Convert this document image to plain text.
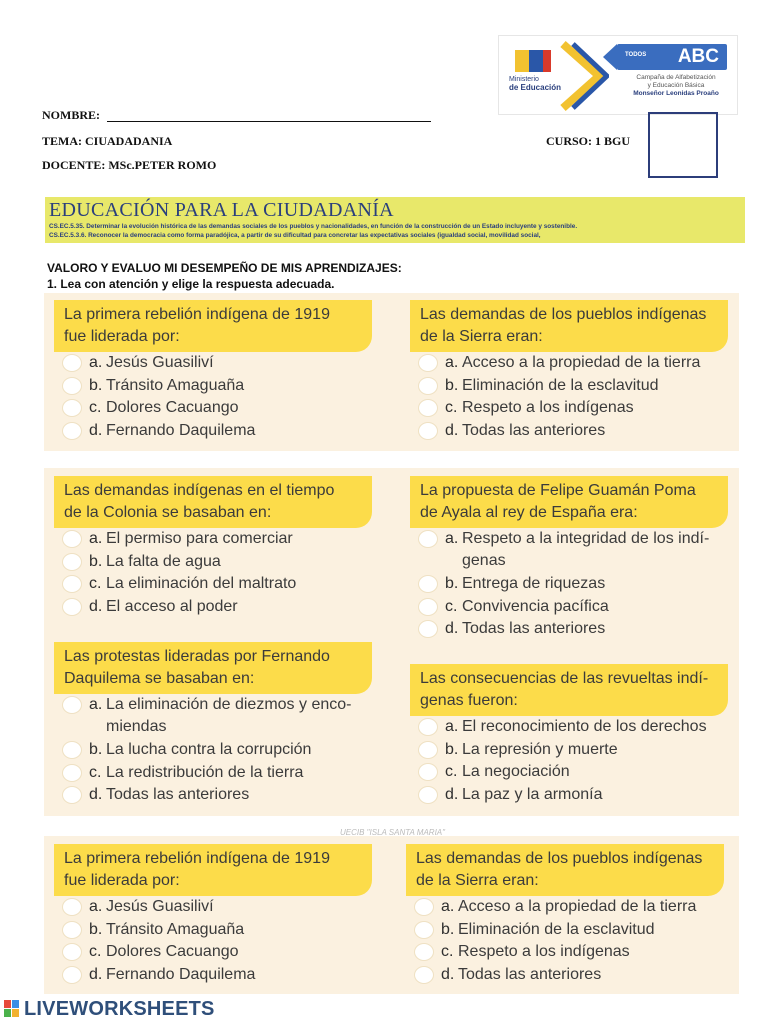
Ministerio
de Educación
TODOS ABC
Campaña de Alfabetización
y Educación Básica
Monseñor Leonidas Proaño
NOMBRE:
TEMA: CIUADADANIA	CURSO: 1 BGU
DOCENTE: MSc.PETER ROMO
EDUCACIÓN PARA LA CIUDADANÍA
CS.EC.5.35. Determinar la evolución histórica de las demandas sociales de los pueblos y nacionalidades, en función de la construcción de un Estado incluyente y sostenible.
CS.EC.5.3.6. Reconocer la democracia como forma paradójica, a partir de su dificultad para concretar las expectativas sociales (igualdad social, movilidad social,
VALORO Y EVALUO MI DESEMPEÑO DE MIS APRENDIZAJES:
1. Lea con atención y elige la respuesta adecuada.
La primera rebelión indígena de 1919
fue liderada por:
a. Jesús Guasiliví
b. Tránsito Amaguaña
c. Dolores Cacuango
d. Fernando Daquilema
Las demandas de los pueblos indígenas
de la Sierra eran:
a. Acceso a la propiedad de la tierra
b. Eliminación de la esclavitud
c. Respeto a los indígenas
d. Todas las anteriores
Las demandas indígenas en el tiempo
de la Colonia se basaban en:
a. El permiso para comerciar
b. La falta de agua
c. La eliminación del maltrato
d. El acceso al poder
La propuesta de Felipe Guamán Poma
de Ayala al rey de España era:
a. Respeto a la integridad de los indí-
genas
b. Entrega de riquezas
c. Convivencia pacífica
d. Todas las anteriores
Las protestas lideradas por Fernando
Daquilema se basaban en:
a. La eliminación de diezmos y enco-
miendas
b. La lucha contra la corrupción
c. La redistribución de la tierra
d. Todas las anteriores
Las consecuencias de las revueltas indí-
genas fueron:
a. El reconocimiento de los derechos
b. La represión y muerte
c. La negociación
d. La paz y la armonía
La primera rebelión indígena de 1919
fue liderada por:
a. Jesús Guasiliví
b. Tránsito Amaguaña
c. Dolores Cacuango
d. Fernando Daquilema
Las demandas de los pueblos indígenas
de la Sierra eran:
a. Acceso a la propiedad de la tierra
b. Eliminación de la esclavitud
c. Respeto a los indígenas
d. Todas las anteriores
UECIB "ISLA SANTA MARIA"
LIVEWORKSHEETS
